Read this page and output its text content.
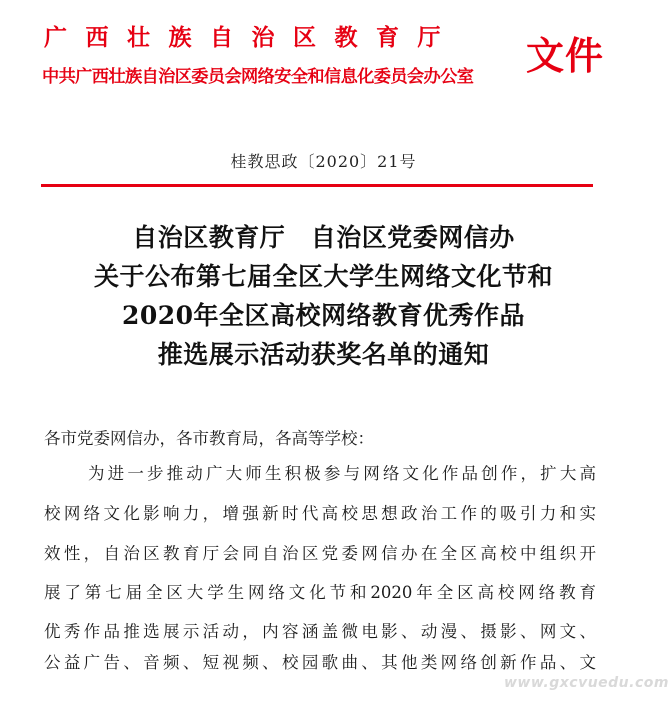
广西壮族自治区教育厅
中共广西壮族自治区委员会网络安全和信息化委员会办公室	文件
桂教思政〔2020〕21号
自治区教育厅　自治区党委网信办
关于公布第七届全区大学生网络文化节和
2020年全区高校网络教育优秀作品
推选展示活动获奖名单的通知
各市党委网信办，各市教育局，各高等学校：
为进一步推动广大师生积极参与网络文化作品创作，扩大高
校网络文化影响力，增强新时代高校思想政治工作的吸引力和实
效性，自治区教育厅会同自治区党委网信办在全区高校中组织开
展了第七届全区大学生网络文化节和2020年全区高校网络教育
优秀作品推选展示活动，内容涵盖微电影、动漫、摄影、网文、
公益广告、音频、短视频、校园歌曲、其他类网络创新作品、文
www.gxcvuedu.com
